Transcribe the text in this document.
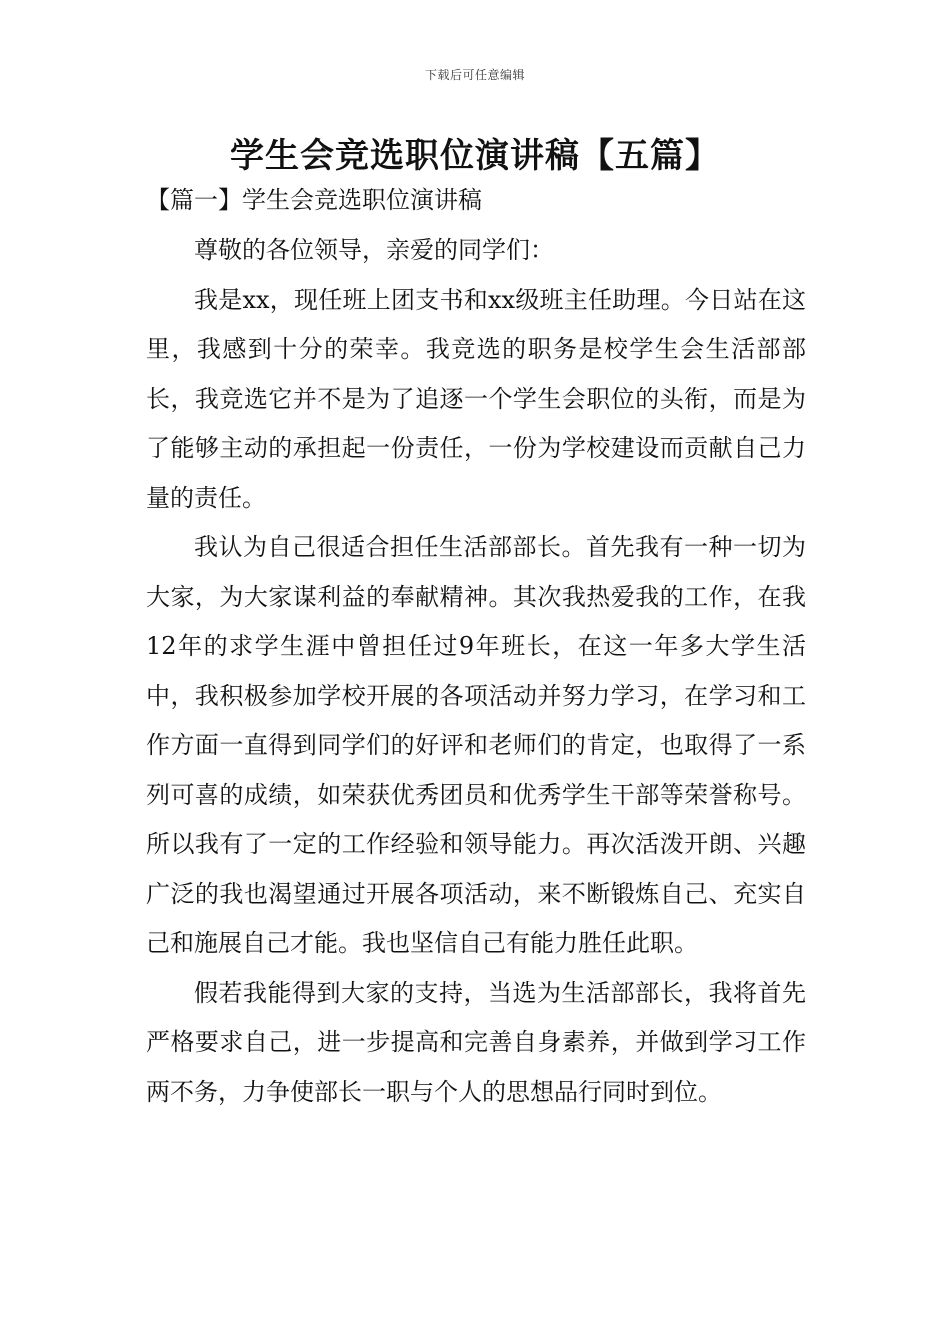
下载后可任意编辑
学生会竞选职位演讲稿【五篇】
【篇一】学生会竞选职位演讲稿

尊敬的各位领导，亲爱的同学们：

我是xx，现任班上团支书和xx级班主任助理。今日站在这里，我感到十分的荣幸。我竞选的职务是校学生会生活部部长，我竞选它并不是为了追逐一个学生会职位的头衔，而是为了能够主动的承担起一份责任，一份为学校建设而贡献自己力量的责任。

我认为自己很适合担任生活部部长。首先我有一种一切为大家，为大家谋利益的奉献精神。其次我热爱我的工作，在我12年的求学生涯中曾担任过9年班长，在这一年多大学生活中，我积极参加学校开展的各项活动并努力学习，在学习和工作方面一直得到同学们的好评和老师们的肯定，也取得了一系列可喜的成绩，如荣获优秀团员和优秀学生干部等荣誉称号。所以我有了一定的工作经验和领导能力。再次活泼开朗、兴趣广泛的我也渴望通过开展各项活动，来不断锻炼自己、充实自己和施展自己才能。我也坚信自己有能力胜任此职。

假若我能得到大家的支持，当选为生活部部长，我将首先严格要求自己，进一步提高和完善自身素养，并做到学习工作两不务，力争使部长一职与个人的思想品行同时到位。
